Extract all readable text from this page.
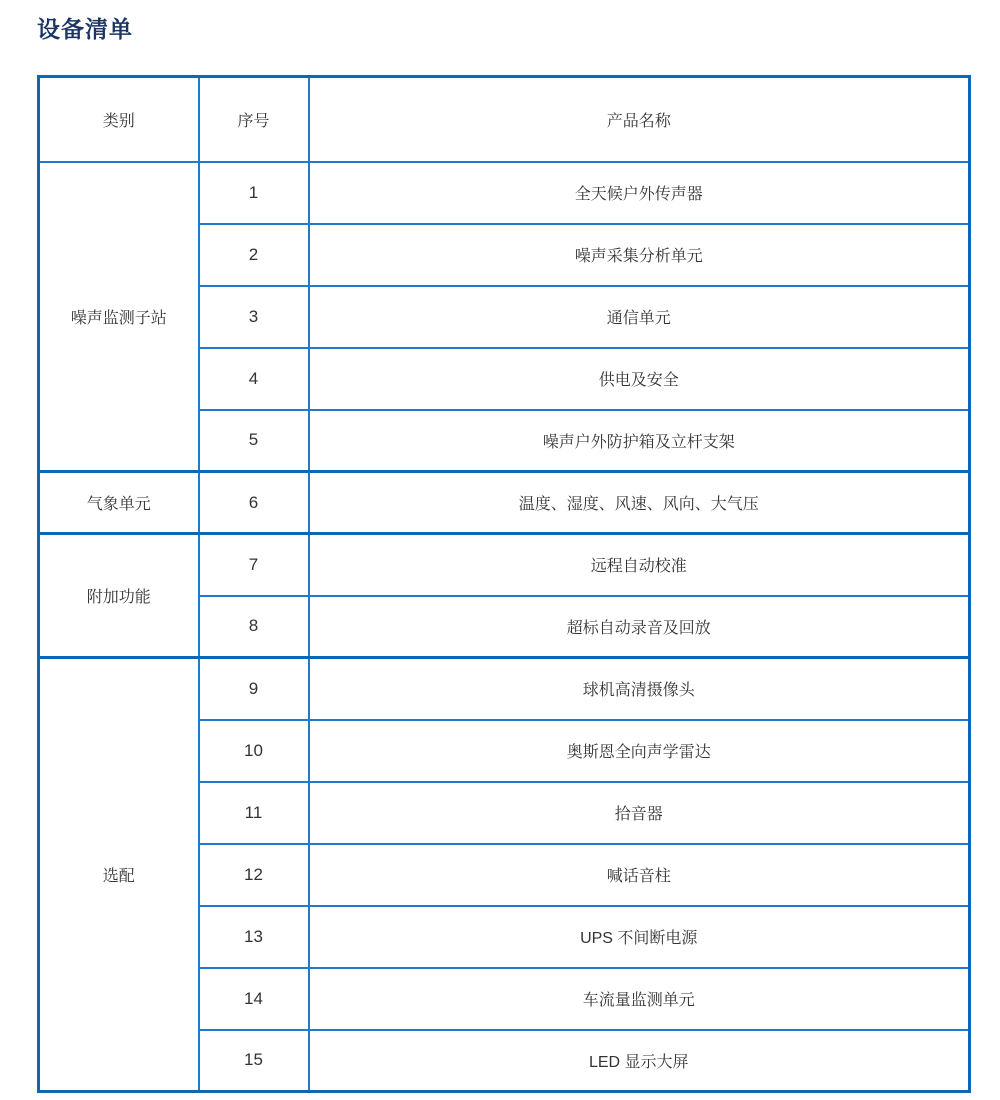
设备清单
类别	序号	产品名称
噪声监测子站	1	全天候户外传声器
	2	噪声采集分析单元
	3	通信单元
	4	供电及安全
	5	噪声户外防护箱及立杆支架
气象单元	6	温度、湿度、风速、风向、大气压
附加功能	7	远程自动校准
	8	超标自动录音及回放
选配	9	球机高清摄像头
	10	奥斯恩全向声学雷达
	11	拾音器
	12	喊话音柱
	13	UPS 不间断电源
	14	车流量监测单元
	15	LED 显示大屏
